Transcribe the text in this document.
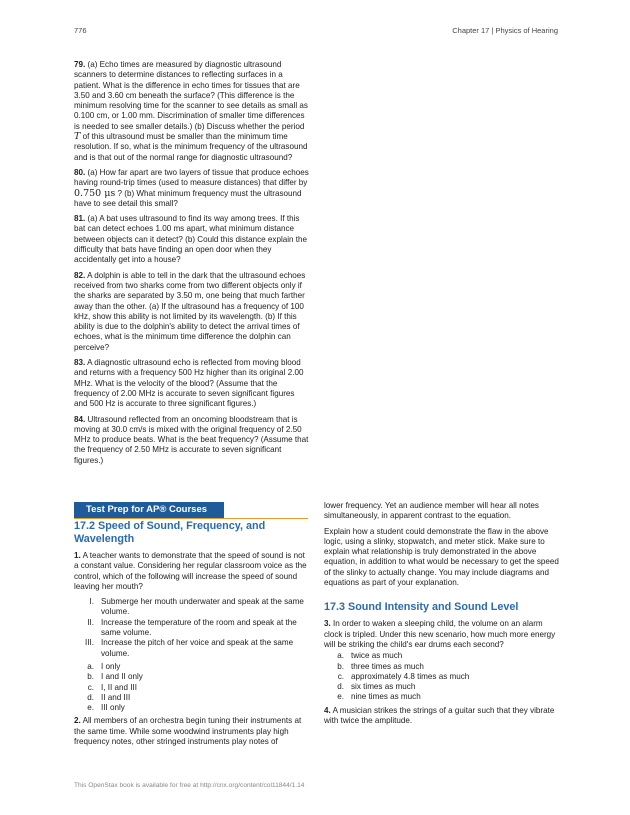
776	Chapter 17 | Physics of Hearing

79. (a) Echo times are measured by diagnostic ultrasound scanners to determine distances to reflecting surfaces in a patient. What is the difference in echo times for tissues that are 3.50 and 3.60 cm beneath the surface? (This difference is the minimum resolving time for the scanner to see details as small as 0.100 cm, or 1.00 mm. Discrimination of smaller time differences is needed to see smaller details.) (b) Discuss whether the period T of this ultrasound must be smaller than the minimum time resolution. If so, what is the minimum frequency of the ultrasound and is that out of the normal range for diagnostic ultrasound?

80. (a) How far apart are two layers of tissue that produce echoes having round-trip times (used to measure distances) that differ by 0.750 μs ? (b) What minimum frequency must the ultrasound have to see detail this small?

81. (a) A bat uses ultrasound to find its way among trees. If this bat can detect echoes 1.00 ms apart, what minimum distance between objects can it detect? (b) Could this distance explain the difficulty that bats have finding an open door when they accidentally get into a house?

82. A dolphin is able to tell in the dark that the ultrasound echoes received from two sharks come from two different objects only if the sharks are separated by 3.50 m, one being that much farther away than the other. (a) If the ultrasound has a frequency of 100 kHz, show this ability is not limited by its wavelength. (b) If this ability is due to the dolphin's ability to detect the arrival times of echoes, what is the minimum time difference the dolphin can perceive?

83. A diagnostic ultrasound echo is reflected from moving blood and returns with a frequency 500 Hz higher than its original 2.00 MHz. What is the velocity of the blood? (Assume that the frequency of 2.00 MHz is accurate to seven significant figures and 500 Hz is accurate to three significant figures.)

84. Ultrasound reflected from an oncoming bloodstream that is moving at 30.0 cm/s is mixed with the original frequency of 2.50 MHz to produce beats. What is the beat frequency? (Assume that the frequency of 2.50 MHz is accurate to seven significant figures.)

Test Prep for AP® Courses
17.2 Speed of Sound, Frequency, and Wavelength

1. A teacher wants to demonstrate that the speed of sound is not a constant value. Considering her regular classroom voice as the control, which of the following will increase the speed of sound leaving her mouth?

I. Submerge her mouth underwater and speak at the same volume.
II. Increase the temperature of the room and speak at the same volume.
III. Increase the pitch of her voice and speak at the same volume.
a. I only
b. I and II only
c. I, II and III
d. II and III
e. III only

2. All members of an orchestra begin tuning their instruments at the same time. While some woodwind instruments play high frequency notes, other stringed instruments play notes of

lower frequency. Yet an audience member will hear all notes simultaneously, in apparent contrast to the equation.

Explain how a student could demonstrate the flaw in the above logic, using a slinky, stopwatch, and meter stick. Make sure to explain what relationship is truly demonstrated in the above equation, in addition to what would be necessary to get the speed of the slinky to actually change. You may include diagrams and equations as part of your explanation.

17.3 Sound Intensity and Sound Level

3. In order to waken a sleeping child, the volume on an alarm clock is tripled. Under this new scenario, how much more energy will be striking the child's ear drums each second?

a. twice as much
b. three times as much
c. approximately 4.8 times as much
d. six times as much
e. nine times as much

4. A musician strikes the strings of a guitar such that they vibrate with twice the amplitude.

This OpenStax book is available for free at http://cnx.org/content/col11844/1.14
